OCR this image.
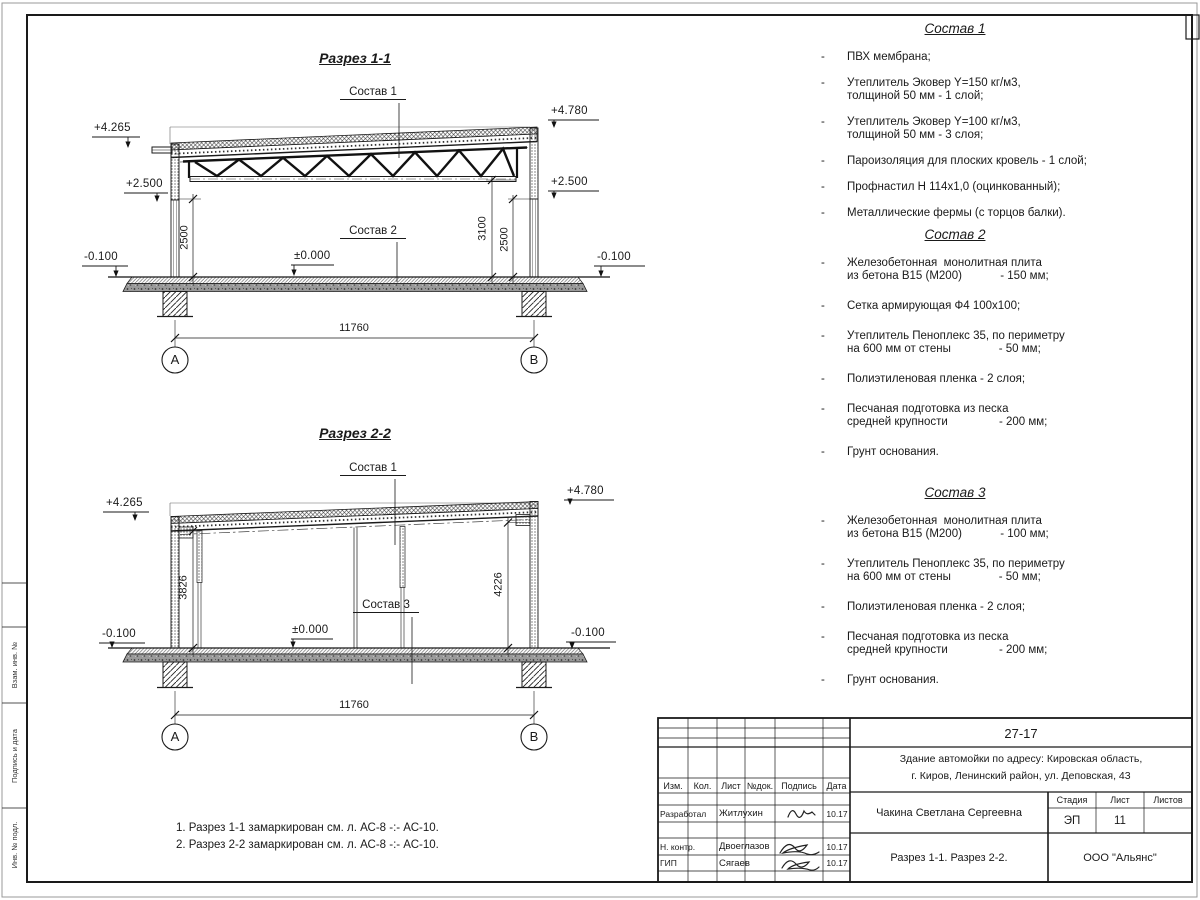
Разрез 1-1
Разрез 2-2
Состав 1
Состав 2
Состав 1
Состав 3
+4.265
+2.500
-0.100	±0.000
+4.780
+2.500
-0.100
+4.265
+4.780
-0.100	±0.000	-0.100
2500	3100 2500
3826	4226
11760
11760
А	В
А	В
Состав 1
-	ПВХ мембрана;
-	Утеплитель Эковер Y=150 кг/м3,
толщиной 50 мм - 1 слой;
-	Утеплитель Эковер Y=100 кг/м3,
толщиной 50 мм - 3 слоя;
-	Пароизоляция для плоских кровель - 1 слой;
-	Профнастил Н 114х1,0 (оцинкованный);
-	Металлические фермы (с торцов балки).
Состав 2
-	Железобетонная  монолитная плита
из бетона В15 (М200)            - 150 мм;
-	Сетка армирующая Ф4 100х100;
-	Утеплитель Пеноплекс 35, по периметру
на 600 мм от стены               - 50 мм;
-	Полиэтиленовая пленка - 2 слоя;
-	Песчаная подготовка из песка
средней крупности                - 200 мм;
-	Грунт основания.
Состав 3
-	Железобетонная  монолитная плита
из бетона В15 (М200)            - 100 мм;
-	Утеплитель Пеноплекс 35, по периметру
на 600 мм от стены               - 50 мм;
-	Полиэтиленовая пленка - 2 слоя;
-	Песчаная подготовка из песка
средней крупности                - 200 мм;
-	Грунт основания.
1. Разрез 1-1 замаркирован см. л. АС-8 -:- АС-10.
2. Разрез 2-2 замаркирован см. л. АС-8 -:- АС-10.
27-17
Здание автомойки по адресу: Кировская область,
г. Киров, Ленинский район, ул. Деповская, 43
Изм.	Кол.	Лист №док. Подпись	Дата
Разработал	Житлухин	10.17
Н. контр.	Двоеглазов	10.17
ГИП	Сягаев	10.17
Чакина Светлана Сергеевна
Стадия	Лист	Листов
ЭП	11
Разрез 1-1. Разрез 2-2.	ООО "Альянс"
Взам. инв. №
Подпись и дата
Инв. № подл.
